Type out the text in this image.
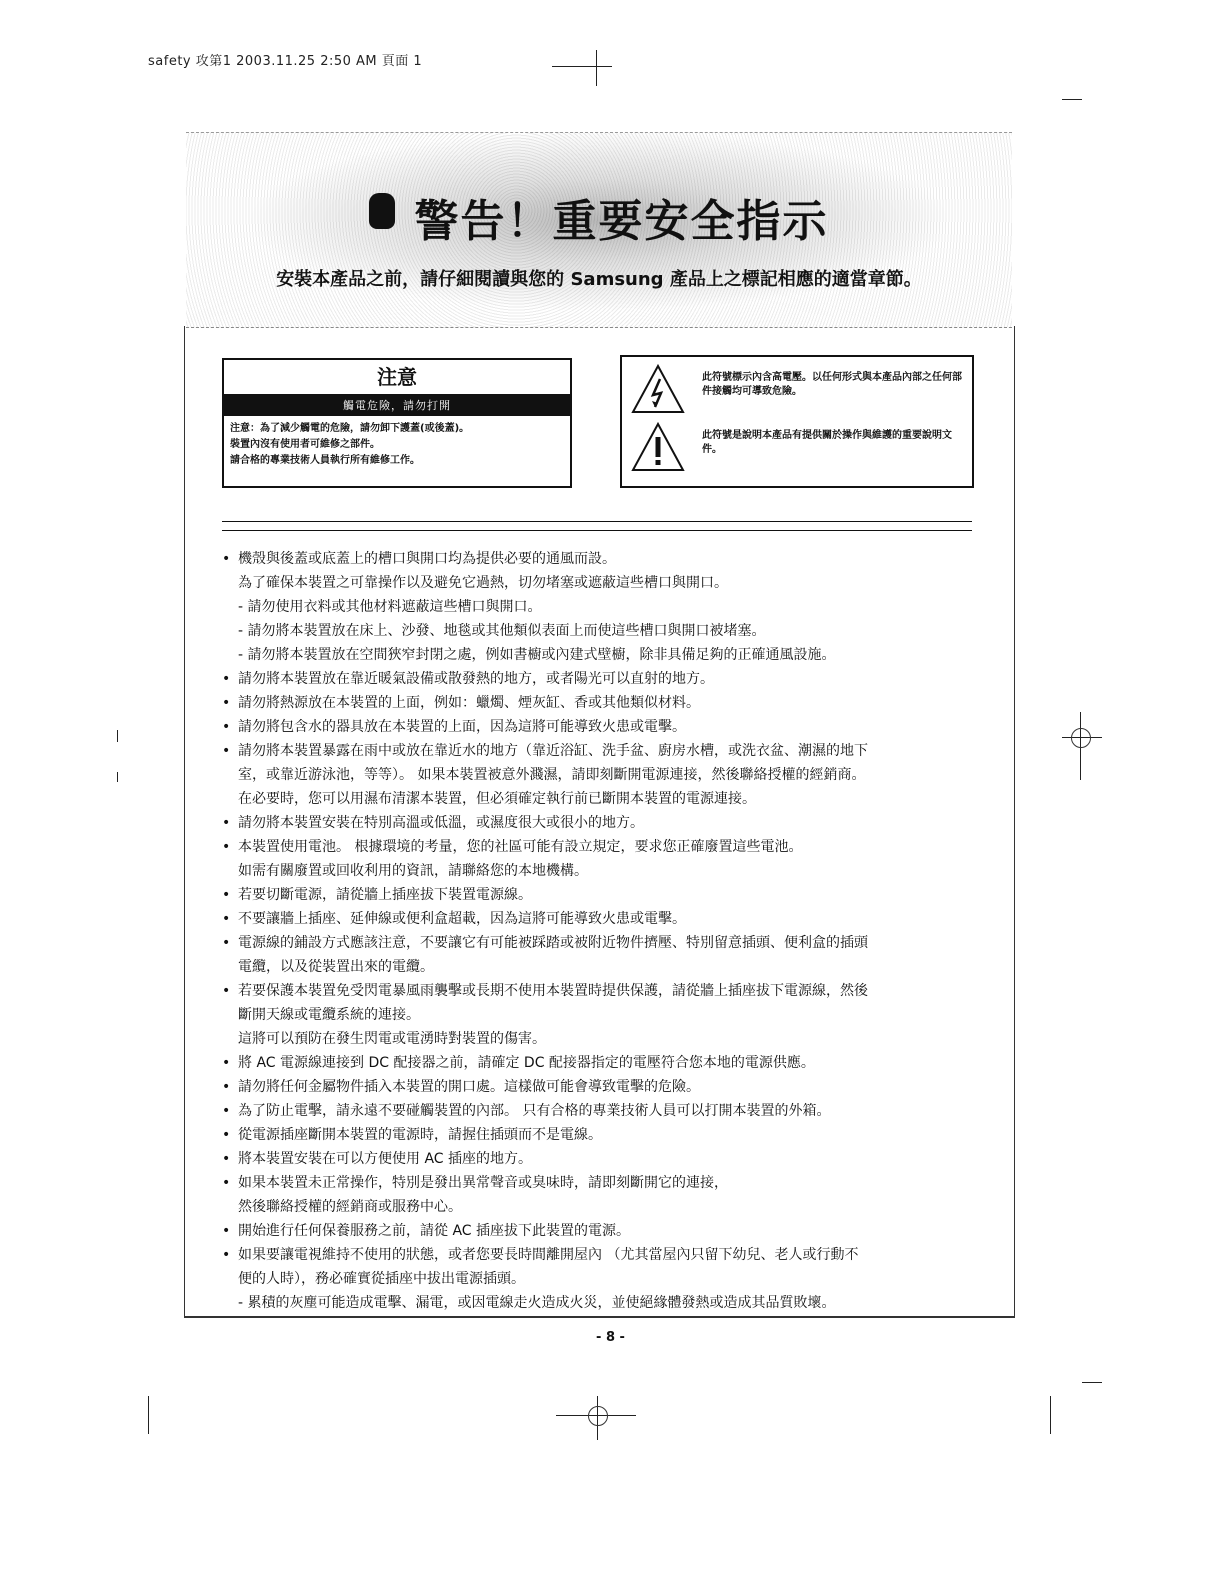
safety 攻第1 2003.11.25 2:50 AM 頁面 1
警告！重要安全指示
安裝本產品之前，請仔細閱讀與您的 Samsung 產品上之標記相應的適當章節。
注意
觸電危險，請勿打開
注意：為了減少觸電的危險，請勿卸下護蓋(或後蓋)。
裝置內沒有使用者可維修之部件。
請合格的專業技術人員執行所有維修工作。
此符號標示內含高電壓。以任何形式與本產品內部之任何部件接觸均可導致危險。
此符號是說明本產品有提供關於操作與維護的重要說明文件。
• 機殼與後蓋或底蓋上的槽口與開口均為提供必要的通風而設。
為了確保本裝置之可靠操作以及避免它過熱，切勿堵塞或遮蔽這些槽口與開口。
- 請勿使用衣料或其他材料遮蔽這些槽口與開口。
- 請勿將本裝置放在床上、沙發、地毯或其他類似表面上而使這些槽口與開口被堵塞。
- 請勿將本裝置放在空間狹窄封閉之處，例如書櫥或內建式壁櫥，除非具備足夠的正確通風設施。
• 請勿將本裝置放在靠近暖氣設備或散發熱的地方，或者陽光可以直射的地方。
• 請勿將熱源放在本裝置的上面，例如：蠟燭、煙灰缸、香或其他類似材料。
• 請勿將包含水的器具放在本裝置的上面，因為這將可能導致火患或電擊。
• 請勿將本裝置暴露在雨中或放在靠近水的地方（靠近浴缸、洗手盆、廚房水槽，或洗衣盆、潮濕的地下
室，或靠近游泳池，等等）。 如果本裝置被意外濺濕，請即刻斷開電源連接，然後聯絡授權的經銷商。
在必要時，您可以用濕布清潔本裝置，但必須確定執行前已斷開本裝置的電源連接。
• 請勿將本裝置安裝在特別高溫或低溫，或濕度很大或很小的地方。
• 本裝置使用電池。 根據環境的考量，您的社區可能有設立規定，要求您正確廢置這些電池。
如需有關廢置或回收利用的資訊，請聯絡您的本地機構。
• 若要切斷電源，請從牆上插座拔下裝置電源線。
• 不要讓牆上插座、延伸線或便利盒超載，因為這將可能導致火患或電擊。
• 電源線的鋪設方式應該注意，不要讓它有可能被踩踏或被附近物件擠壓、特別留意插頭、便利盒的插頭
電纜，以及從裝置出來的電纜。
• 若要保護本裝置免受閃電暴風雨襲擊或長期不使用本裝置時提供保護，請從牆上插座拔下電源線，然後
斷開天線或電纜系統的連接。
這將可以預防在發生閃電或電湧時對裝置的傷害。
• 將 AC 電源線連接到 DC 配接器之前，請確定 DC 配接器指定的電壓符合您本地的電源供應。
• 請勿將任何金屬物件插入本裝置的開口處。這樣做可能會導致電擊的危險。
• 為了防止電擊，請永遠不要碰觸裝置的內部。 只有合格的專業技術人員可以打開本裝置的外箱。
• 從電源插座斷開本裝置的電源時，請握住插頭而不是電線。
• 將本裝置安裝在可以方便使用 AC 插座的地方。
• 如果本裝置未正常操作，特別是發出異常聲音或臭味時，請即刻斷開它的連接，
然後聯絡授權的經銷商或服務中心。
• 開始進行任何保養服務之前，請從 AC 插座拔下此裝置的電源。
• 如果要讓電視維持不使用的狀態，或者您要長時間離開屋內 （尤其當屋內只留下幼兒、老人或行動不
便的人時），務必確實從插座中拔出電源插頭。
- 累積的灰塵可能造成電擊、漏電，或因電線走火造成火災，並使絕緣體發熱或造成其品質敗壞。
- 8 -
